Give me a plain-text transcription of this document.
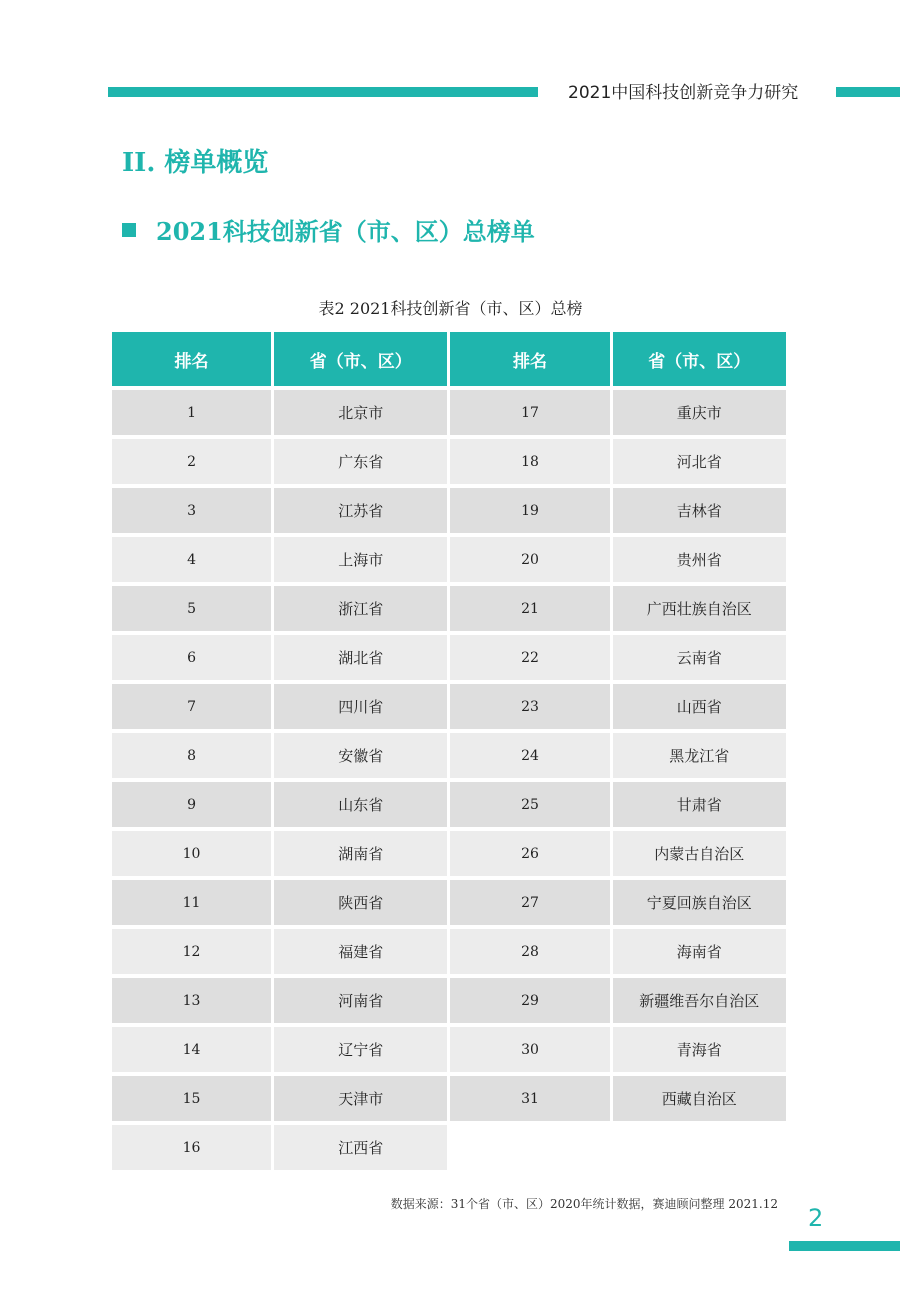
2021中国科技创新竞争力研究
II. 榜单概览
2021科技创新省（市、区）总榜单
表2 2021科技创新省（市、区）总榜
排名	省（市、区）	排名	省（市、区）
1	北京市	17	重庆市
2	广东省	18	河北省
3	江苏省	19	吉林省
4	上海市	20	贵州省
5	浙江省	21	广西壮族自治区
6	湖北省	22	云南省
7	四川省	23	山西省
8	安徽省	24	黑龙江省
9	山东省	25	甘肃省
10	湖南省	26	内蒙古自治区
11	陕西省	27	宁夏回族自治区
12	福建省	28	海南省
13	河南省	29	新疆维吾尔自治区
14	辽宁省	30	青海省
15	天津市	31	西藏自治区
16	江西省		
数据来源：31个省（市、区）2020年统计数据，赛迪顾问整理 2021.12 2
